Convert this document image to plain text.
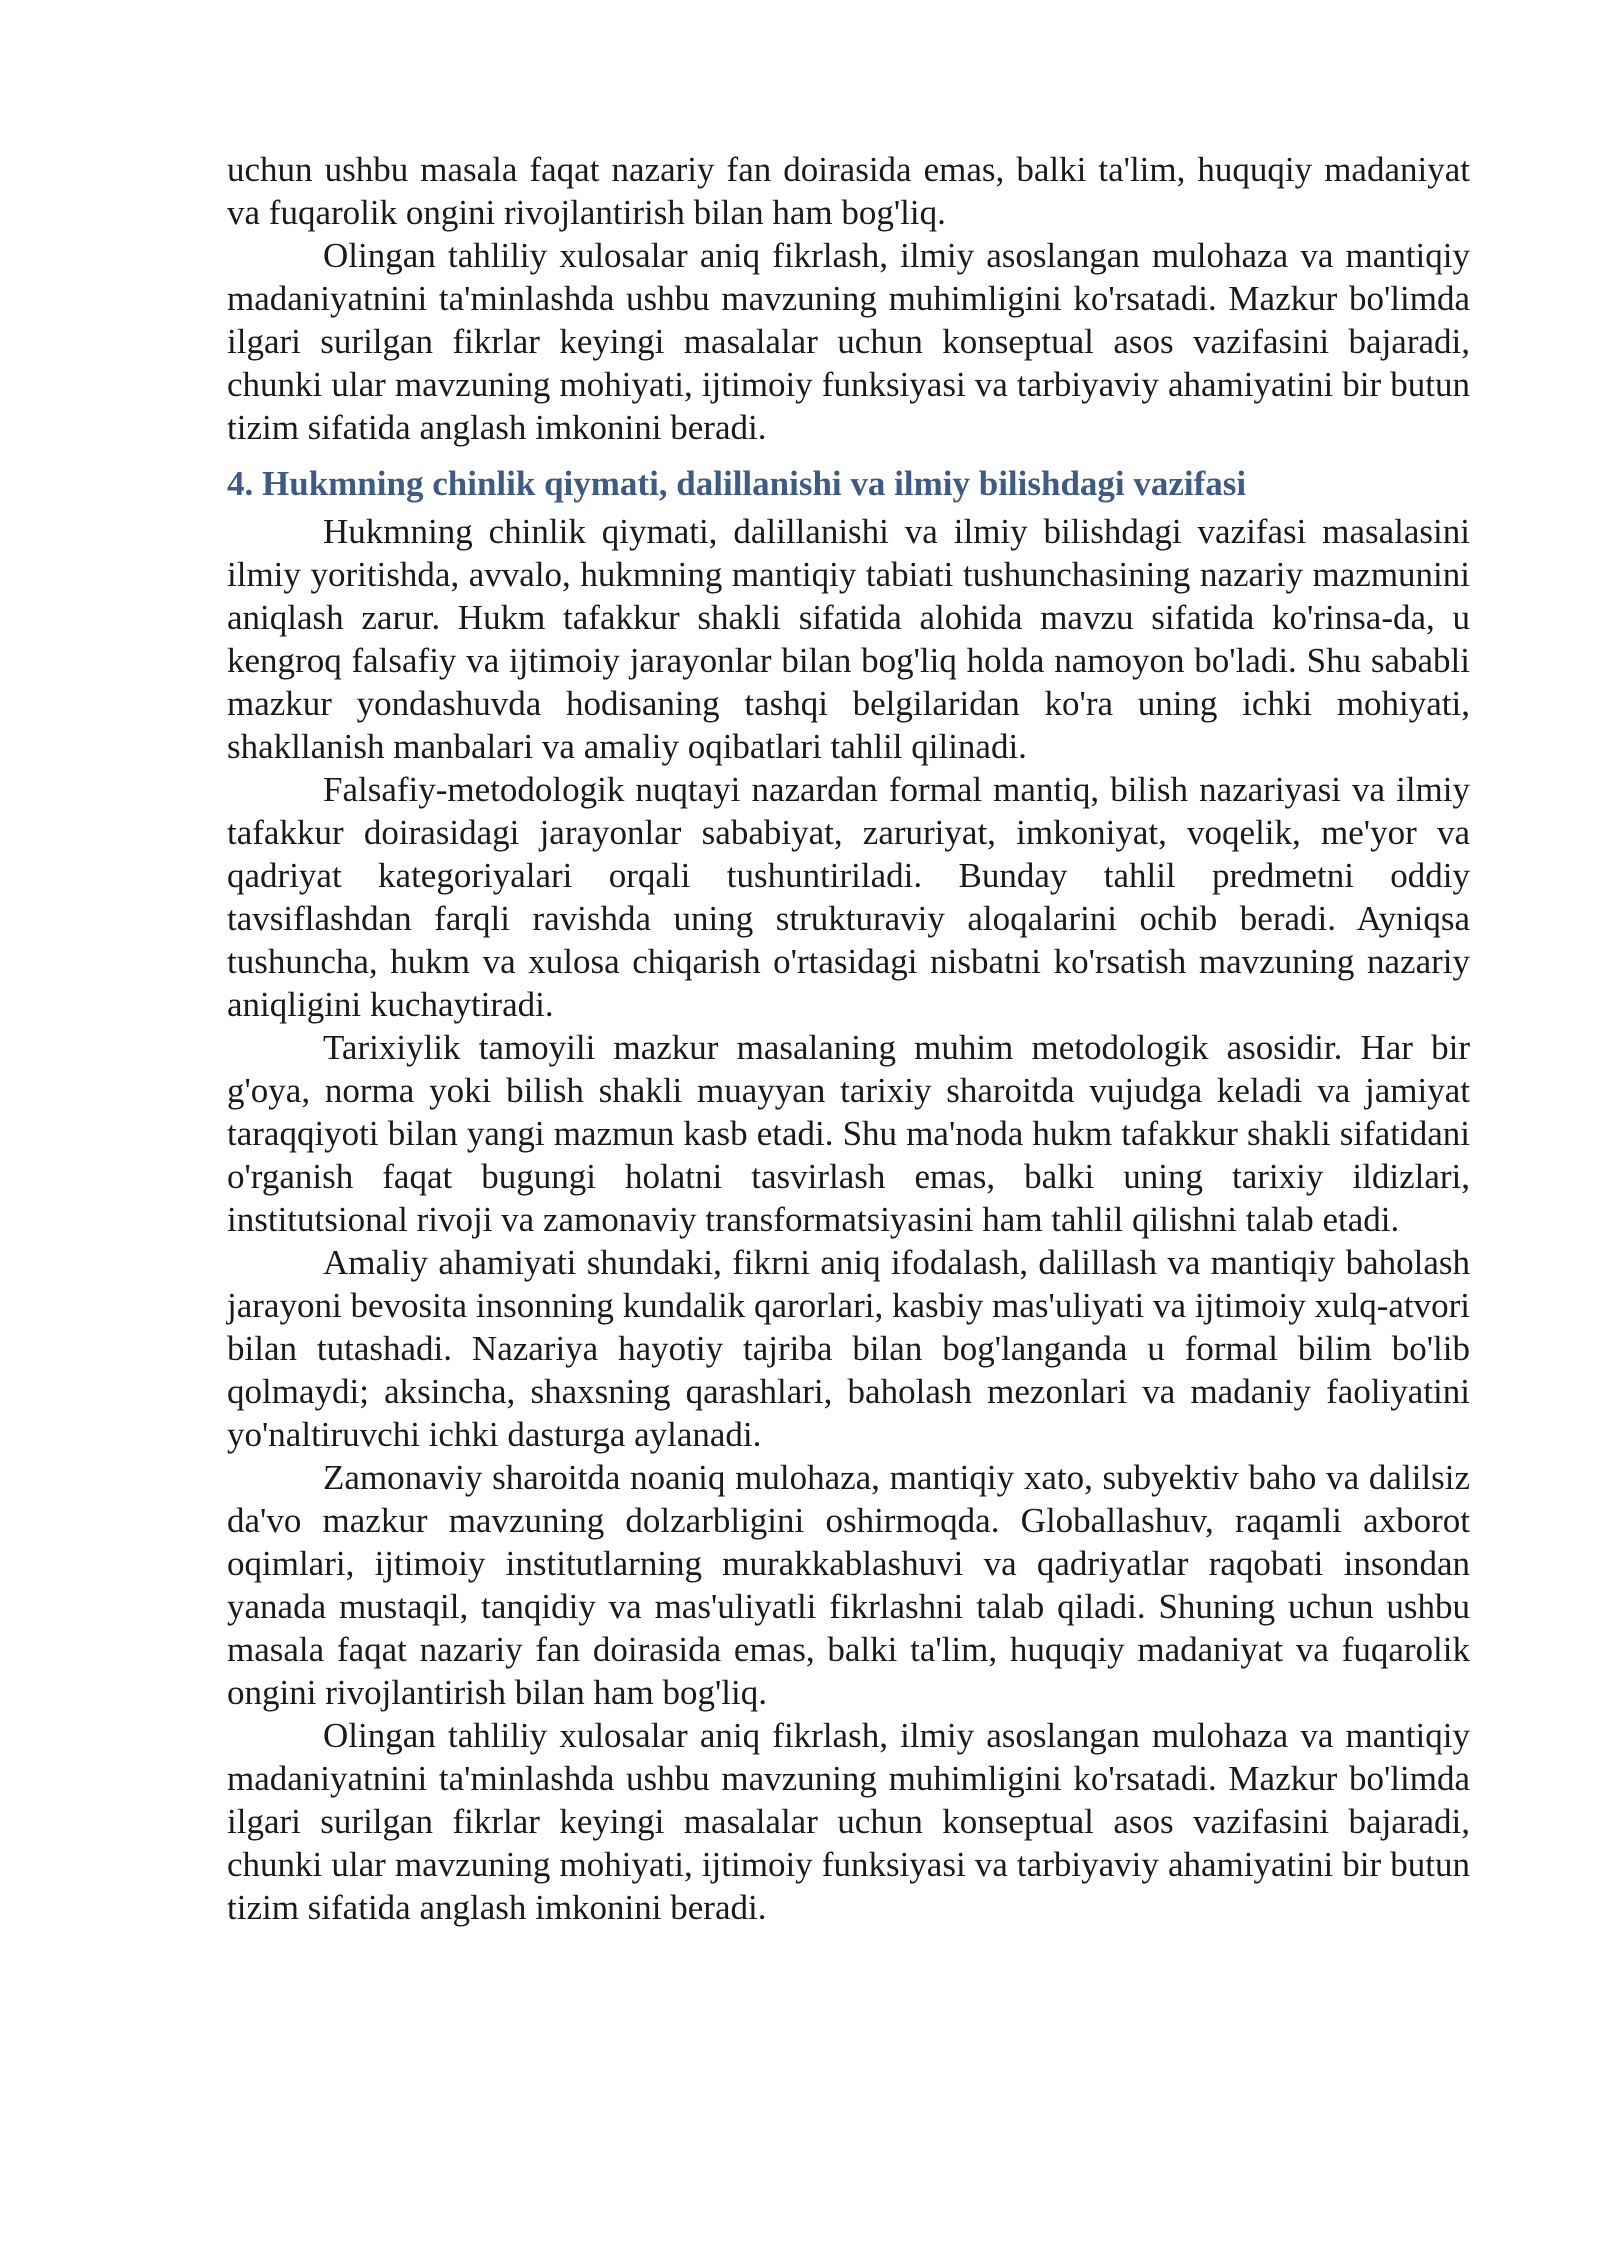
uchun ushbu masala faqat nazariy fan doirasida emas, balki ta'lim, huquqiy madaniyat va fuqarolik ongini rivojlantirish bilan ham bog'liq.

Olingan tahliliy xulosalar aniq fikrlash, ilmiy asoslangan mulohaza va mantiqiy madaniyatnini ta'minlashda ushbu mavzuning muhimligini ko'rsatadi. Mazkur bo'limda ilgari surilgan fikrlar keyingi masalalar uchun konseptual asos vazifasini bajaradi, chunki ular mavzuning mohiyati, ijtimoiy funksiyasi va tarbiyaviy ahamiyatini bir butun tizim sifatida anglash imkonini beradi.

4. Hukmning chinlik qiymati, dalillanishi va ilmiy bilishdagi vazifasi

Hukmning chinlik qiymati, dalillanishi va ilmiy bilishdagi vazifasi masalasini ilmiy yoritishda, avvalo, hukmning mantiqiy tabiati tushunchasining nazariy mazmunini aniqlash zarur. Hukm tafakkur shakli sifatida alohida mavzu sifatida ko'rinsa-da, u kengroq falsafiy va ijtimoiy jarayonlar bilan bog'liq holda namoyon bo'ladi. Shu sababli mazkur yondashuvda hodisaning tashqi belgilaridan ko'ra uning ichki mohiyati, shakllanish manbalari va amaliy oqibatlari tahlil qilinadi.

Falsafiy-metodologik nuqtayi nazardan formal mantiq, bilish nazariyasi va ilmiy tafakkur doirasidagi jarayonlar sababiyat, zaruriyat, imkoniyat, voqelik, me'yor va qadriyat kategoriyalari orqali tushuntiriladi. Bunday tahlil predmetni oddiy tavsiflashdan farqli ravishda uning strukturaviy aloqalarini ochib beradi. Ayniqsa tushuncha, hukm va xulosa chiqarish o'rtasidagi nisbatni ko'rsatish mavzuning nazariy aniqligini kuchaytiradi.

Tarixiylik tamoyili mazkur masalaning muhim metodologik asosidir. Har bir g'oya, norma yoki bilish shakli muayyan tarixiy sharoitda vujudga keladi va jamiyat taraqqiyoti bilan yangi mazmun kasb etadi. Shu ma'noda hukm tafakkur shakli sifatidani o'rganish faqat bugungi holatni tasvirlash emas, balki uning tarixiy ildizlari, institutsional rivoji va zamonaviy transformatsiyasini ham tahlil qilishni talab etadi.

Amaliy ahamiyati shundaki, fikrni aniq ifodalash, dalillash va mantiqiy baholash jarayoni bevosita insonning kundalik qarorlari, kasbiy mas'uliyati va ijtimoiy xulq-atvori bilan tutashadi. Nazariya hayotiy tajriba bilan bog'langanda u formal bilim bo'lib qolmaydi; aksincha, shaxsning qarashlari, baholash mezonlari va madaniy faoliyatini yo'naltiruvchi ichki dasturga aylanadi.

Zamonaviy sharoitda noaniq mulohaza, mantiqiy xato, subyektiv baho va dalilsiz da'vo mazkur mavzuning dolzarbligini oshirmoqda. Globallashuv, raqamli axborot oqimlari, ijtimoiy institutlarning murakkablashuvi va qadriyatlar raqobati insondan yanada mustaqil, tanqidiy va mas'uliyatli fikrlashni talab qiladi. Shuning uchun ushbu masala faqat nazariy fan doirasida emas, balki ta'lim, huquqiy madaniyat va fuqarolik ongini rivojlantirish bilan ham bog'liq.

Olingan tahliliy xulosalar aniq fikrlash, ilmiy asoslangan mulohaza va mantiqiy madaniyatnini ta'minlashda ushbu mavzuning muhimligini ko'rsatadi. Mazkur bo'limda ilgari surilgan fikrlar keyingi masalalar uchun konseptual asos vazifasini bajaradi, chunki ular mavzuning mohiyati, ijtimoiy funksiyasi va tarbiyaviy ahamiyatini bir butun tizim sifatida anglash imkonini beradi.
